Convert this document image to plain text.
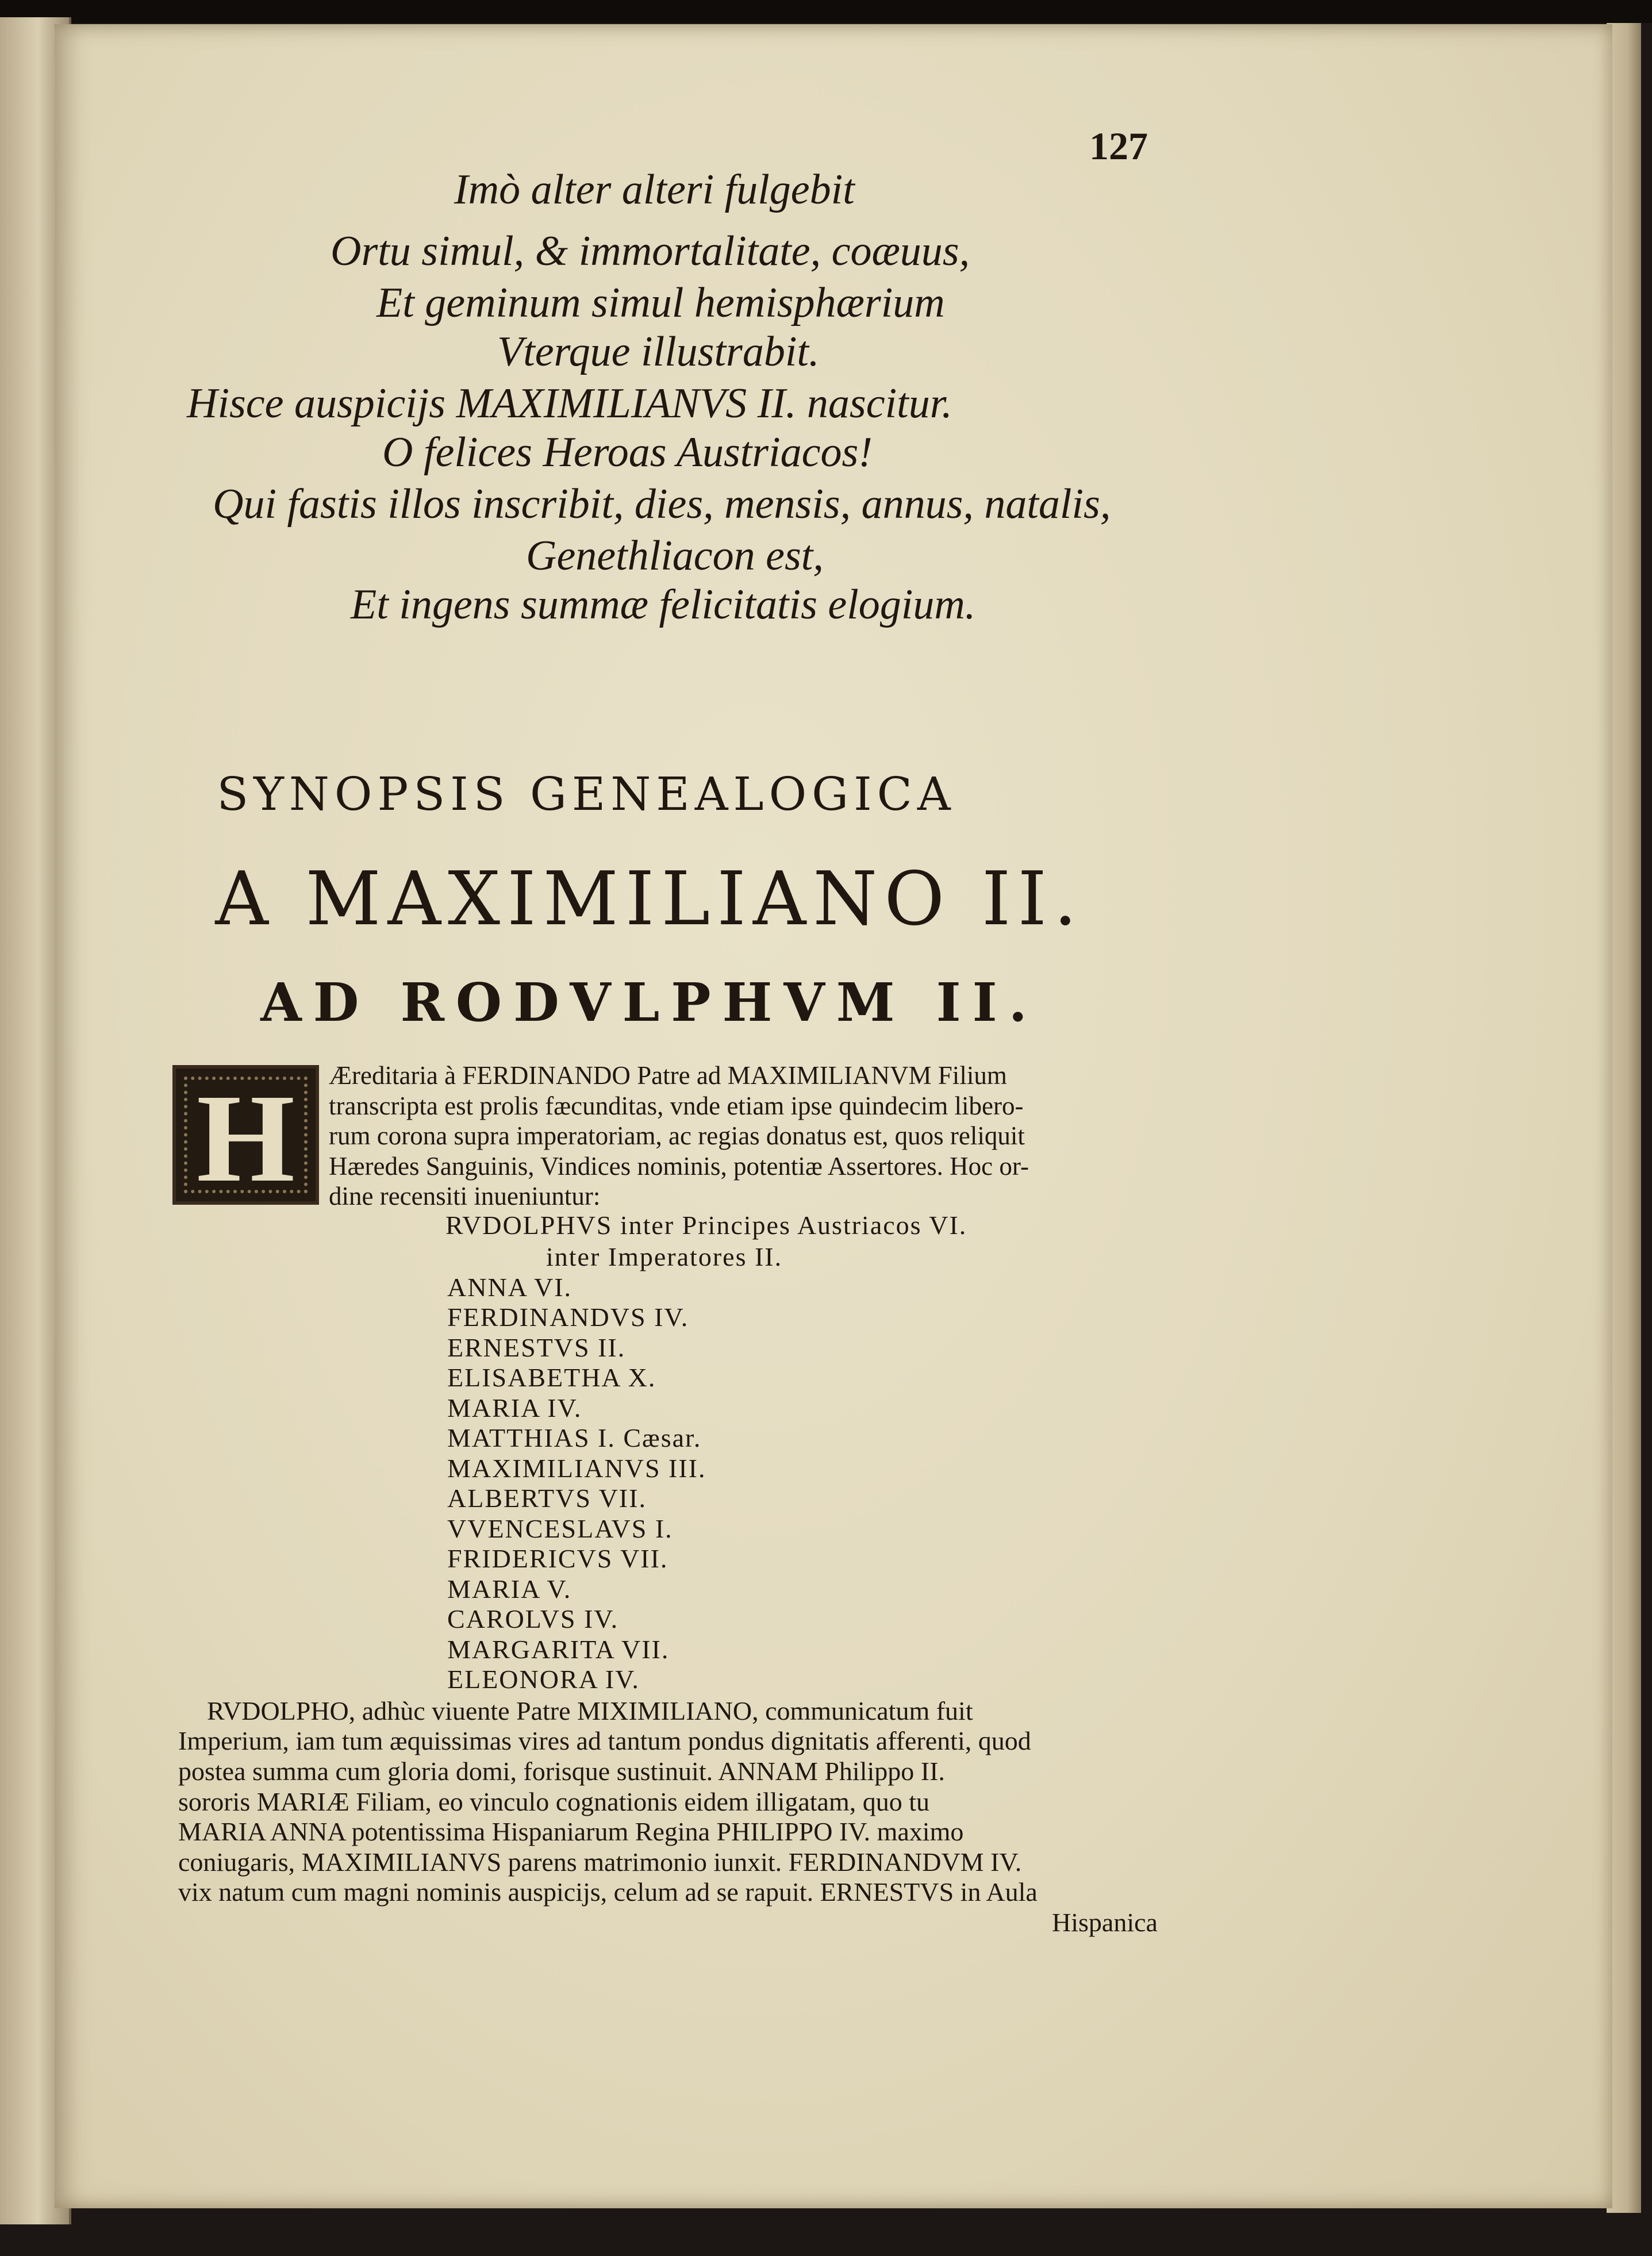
127
Imò alter alteri fulgebit
Ortu simul, & immortalitate, coæuus,
Et geminum simul hemisphærium
Vterque illustrabit.
Hisce auspicijs MAXIMILIANVS II. nascitur.
O felices Heroas Austriacos!
Qui fastis illos inscribit, dies, mensis, annus, natalis,
Genethliacon est,
Et ingens summæ felicitatis elogium.
SYNOPSIS GENEALOGICA
A MAXIMILIANO II.
AD RODVLPHVM II.
H	Æreditaria à FERDINANDO Patre ad MAXIMILIANVM Filium
transcripta est prolis fæcunditas, vnde etiam ipse quindecim libero-
rum corona supra imperatoriam, ac regias donatus est, quos reliquit
Hæredes Sanguinis, Vindices nominis, potentiæ Assertores. Hoc or-
dine recensiti inueniuntur:
RVDOLPHVS inter Principes Austriacos VI.
inter Imperatores II.
ANNA VI.
FERDINANDVS IV.
ERNESTVS II.
ELISABETHA X.
MARIA IV.
MATTHIAS I. Cæsar.
MAXIMILIANVS III.
ALBERTVS VII.
VVENCESLAVS I.
FRIDERICVS VII.
MARIA V.
CAROLVS IV.
MARGARITA VII.
ELEONORA IV.
RVDOLPHO, adhùc viuente Patre MIXIMILIANO, communicatum fuit
Imperium, iam tum æquissimas vires ad tantum pondus dignitatis afferenti, quod
postea summa cum gloria domi, forisque sustinuit. ANNAM Philippo II.
sororis MARIÆ Filiam, eo vinculo cognationis eidem illigatam, quo tu
MARIA ANNA potentissima Hispaniarum Regina PHILIPPO IV. maximo
coniugaris, MAXIMILIANVS parens matrimonio iunxit. FERDINANDVM IV.
vix natum cum magni nominis auspicijs, celum ad se rapuit. ERNESTVS in Aula
Hispanica
